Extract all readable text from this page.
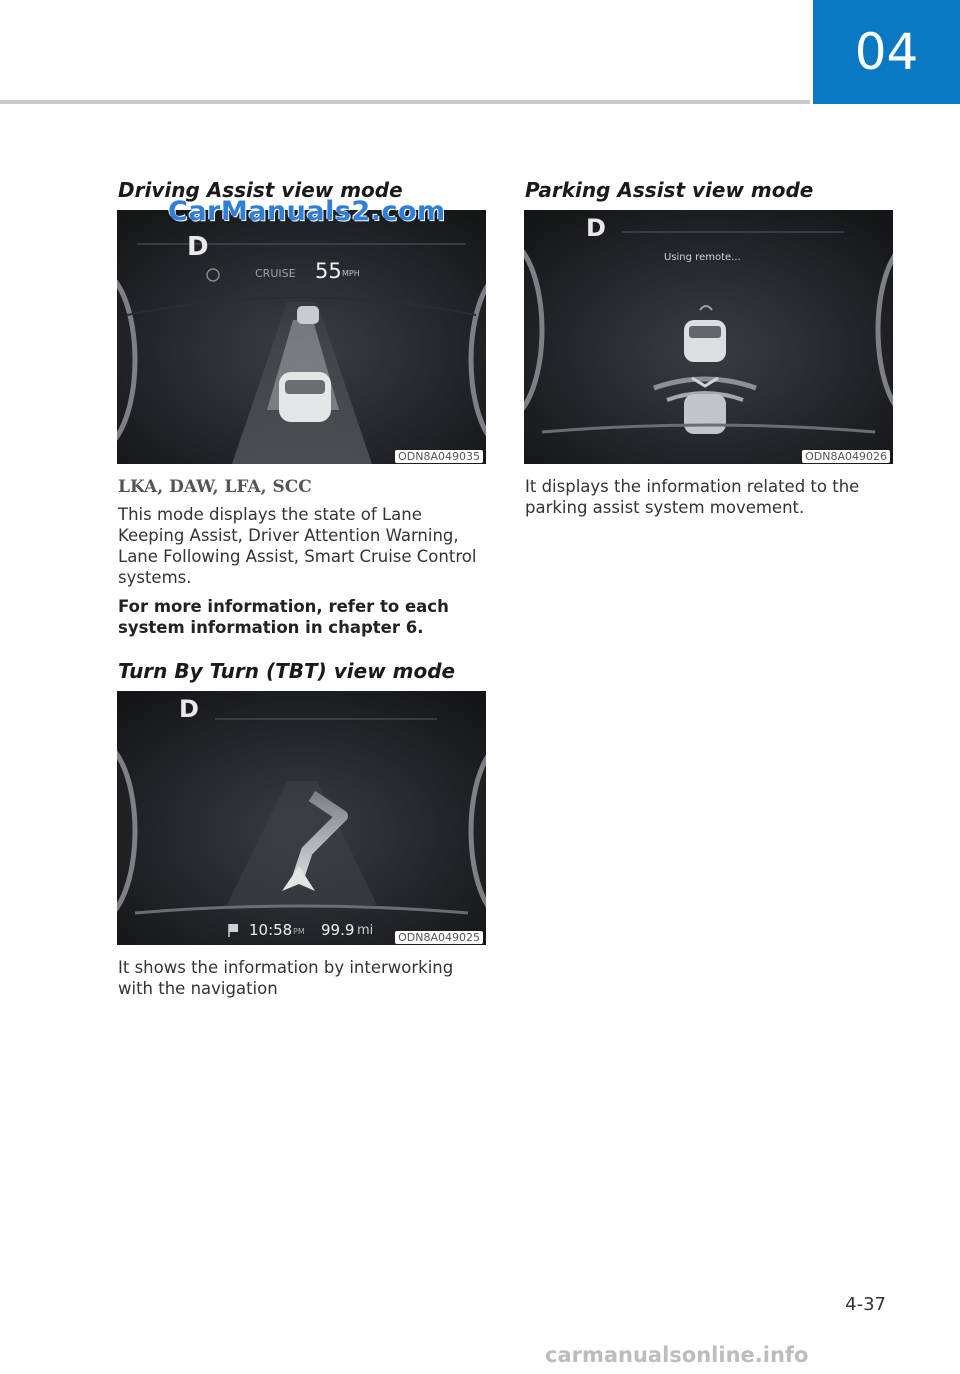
04
Driving Assist view mode
D
CRUISE 55 MPH
ODN8A049035
CarManuals2.com

LKA, DAW, LFA, SCC

This mode displays the state of Lane Keeping Assist, Driver Attention Warning, Lane Following Assist, Smart Cruise Control systems.

For more information, refer to each system information in chapter 6.

Turn By Turn (TBT) view mode
D
10:58 PM 99.9 mi ODN8A049025

It shows the information by interworking with the navigation

Parking Assist view mode
D
Using remote...
ODN8A049026

It displays the information related to the parking assist system movement.

4-37
carmanualsonline.info
